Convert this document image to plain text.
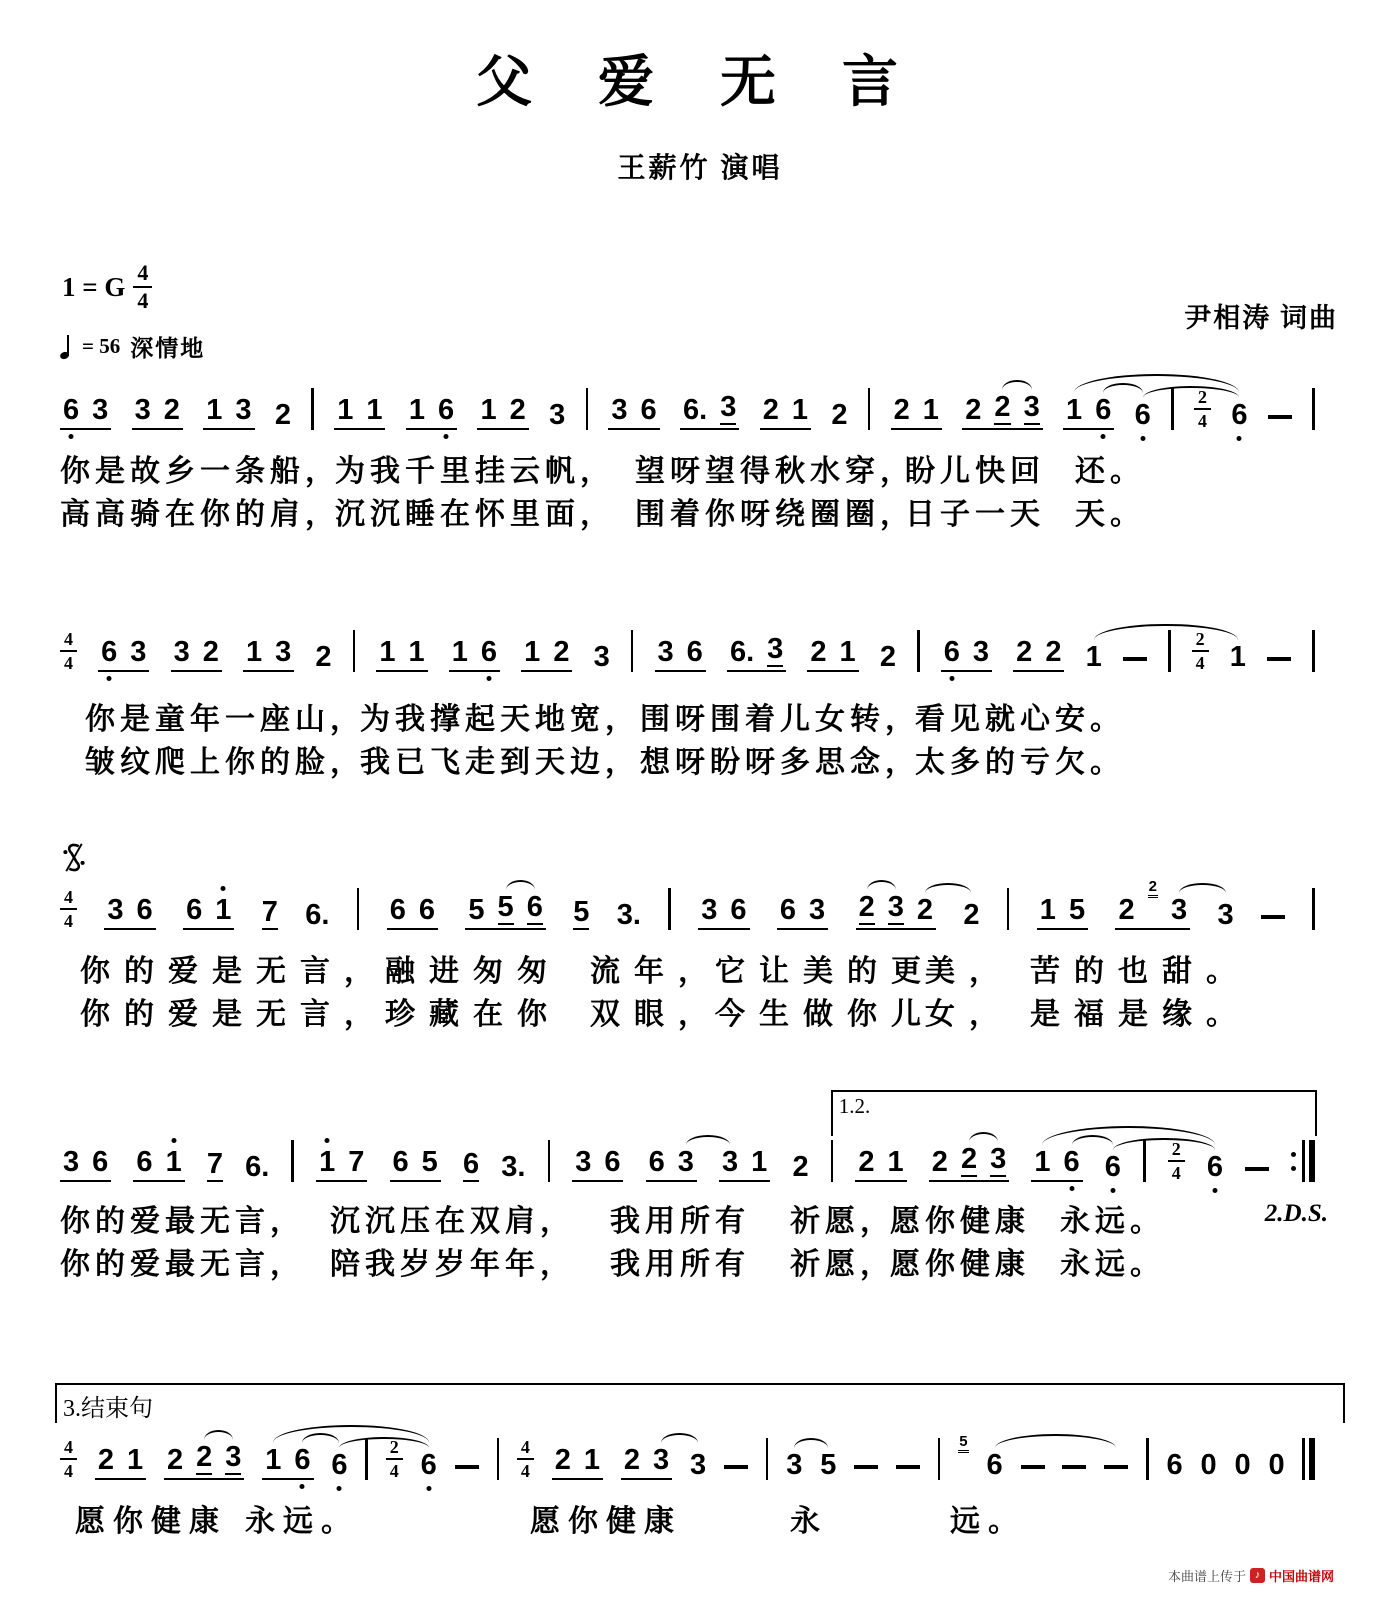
父 爱 无 言
王薪竹 演唱
1 = G $\frac{4}{4}$
尹相涛 词曲
= 56 深情地
6 3 3 2 1 3 2 1 1 1 6 1 2 3 3 6 6. 3 2 1 2 2 1 2 2 3 1 6 $6 \frac{2}{4} 6$
$\frac{4}{4} 6$ 3 3 2 1 3 2 1 1 1 6 1 2 3 3 6 6. 3 2 1 2 6 3 2 2 1	$\frac{2}{4} 1$
$\frac{4}{4} 3$ 6 6 1 7 6. 6 6 5 5 6 5 3. 3 6 6 3 2 3 2 2 1 5 2
2
3 3
3 6 6 1 7 6. 1 7 6 5 6 3. 3 6 6 3 3 1 2 2 1 2 2 3 1 6 6	$\frac{2}{4} 6$
1.2.
$\frac{4}{4} 2$ 1 2 2 3 1 6 $6 \frac{2}{4} 6$	$\frac{4}{4} 2$ 1 2 3 3	3 5
5
6	6 0 0 0
你是故乡一条船，
为我千里挂云帆， 望呀望得秋水穿，
盼儿快回 还。
高高骑在你的肩，
沉沉睡在怀里面， 围着你呀绕圈圈，
日子一天 天。
你是童年一座山，
为我撑起天地宽， 围呀围着儿女转，
看见就心安。
皱纹爬上你的脸，
我已飞走到天边， 想呀盼呀多思念，
太多的亏欠。
你的爱是无言，
融进匆匆 流年，
它让美的更
美， 苦的也甜。
你的爱是无言，
珍藏在你 双眼，
今生做你儿
女， 是福是缘。
你的爱最无言， 沉沉压在双肩， 我用所有 祈愿，
愿你健康 永远。
你的爱最无言， 陪我岁岁年年， 我用所有 祈愿，
愿你健康 永远。
愿你健康 永远。	愿你健康	永	远。
2.D.S.
3.结束句
本曲谱上传于 ♪ 中国曲谱网
